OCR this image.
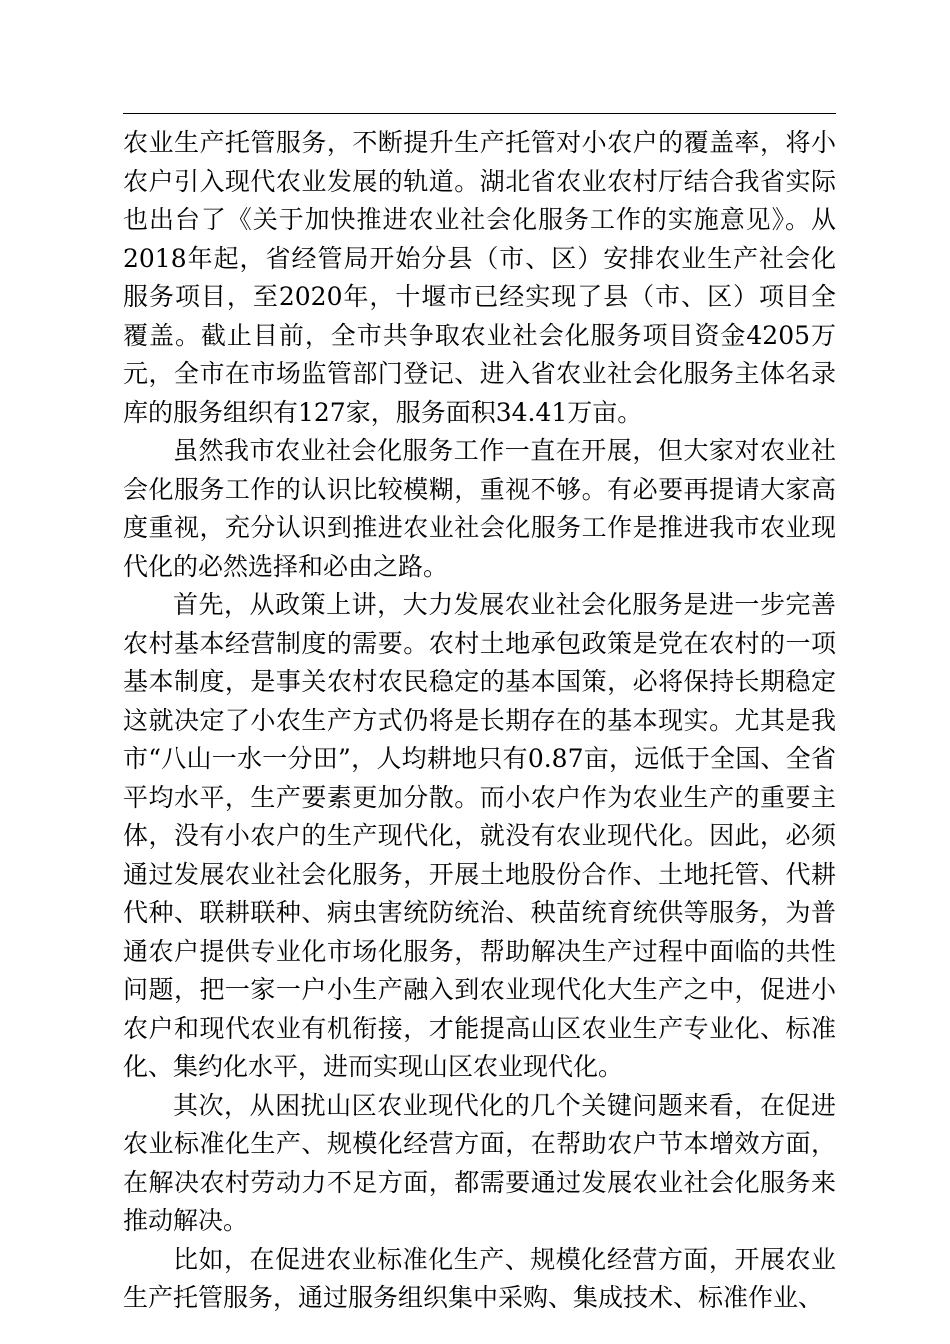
农业生产托管服务，不断提升生产托管对小农户的覆盖率，将小农户引入现代农业发展的轨道。湖北省农业农村厅结合我省实际也出台了《关于加快推进农业社会化服务工作的实施意见》。从2018年起，省经管局开始分县（市、区）安排农业生产社会化服务项目，至2020年，十堰市已经实现了县（市、区）项目全覆盖。截止目前，全市共争取农业社会化服务项目资金4205万元，全市在市场监管部门登记、进入省农业社会化服务主体名录库的服务组织有127家，服务面积34.41万亩。

虽然我市农业社会化服务工作一直在开展，但大家对农业社会化服务工作的认识比较模糊，重视不够。有必要再提请大家高度重视，充分认识到推进农业社会化服务工作是推进我市农业现代化的必然选择和必由之路。

首先，从政策上讲，大力发展农业社会化服务是进一步完善农村基本经营制度的需要。农村土地承包政策是党在农村的一项基本制度，是事关农村农民稳定的基本国策，必将保持长期稳定这就决定了小农生产方式仍将是长期存在的基本现实。尤其是我市“八山一水一分田”，人均耕地只有0.87亩，远低于全国、全省平均水平，生产要素更加分散。而小农户作为农业生产的重要主体，没有小农户的生产现代化，就没有农业现代化。因此，必须通过发展农业社会化服务，开展土地股份合作、土地托管、代耕代种、联耕联种、病虫害统防统治、秧苗统育统供等服务，为普通农户提供专业化市场化服务，帮助解决生产过程中面临的共性问题，把一家一户小生产融入到农业现代化大生产之中，促进小农户和现代农业有机衔接，才能提高山区农业生产专业化、标准化、集约化水平，进而实现山区农业现代化。

其次，从困扰山区农业现代化的几个关键问题来看，在促进农业标准化生产、规模化经营方面，在帮助农户节本增效方面，在解决农村劳动力不足方面，都需要通过发展农业社会化服务来推动解决。

比如，在促进农业标准化生产、规模化经营方面，开展农业生产托管服务，通过服务组织集中采购、集成技术、标准作业、
